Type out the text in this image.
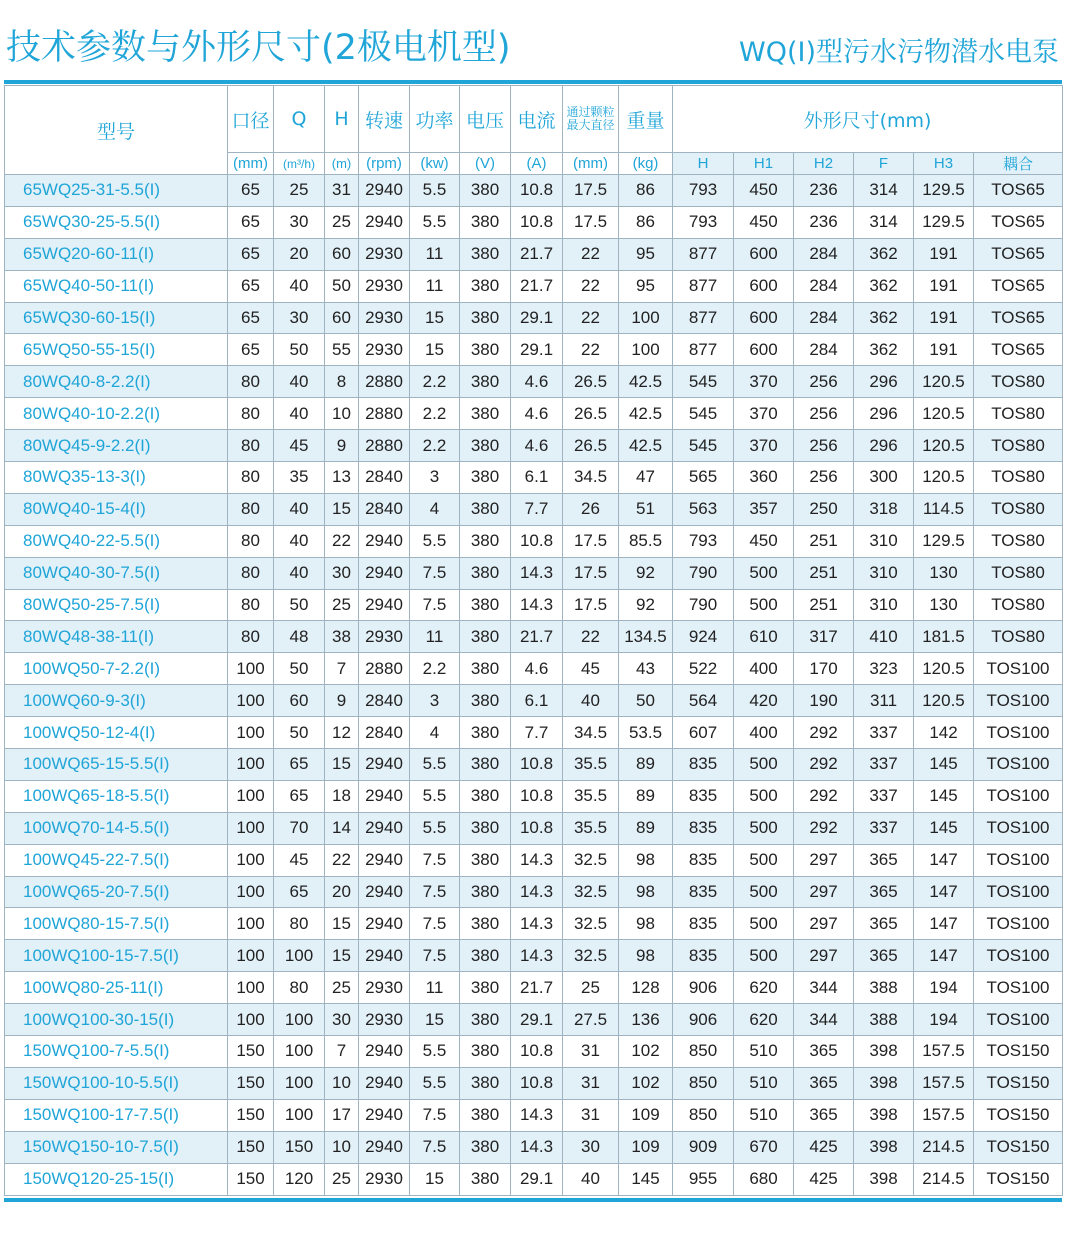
技术参数与外形尺寸(2极电机型)	WQ(Ⅰ)型污水污物潜水电泵
型号	口径	Q	H	转速	功率	电压	电流	通过颗粒最大直径	重量	外形尺寸(mm)					
	(mm)	(m³/h)	(m)	(rpm)	(kw)	(V)	(A)	(mm)	(kg)	H	H1	H2	F	H3	耦合
65WQ25-31-5.5(I)	65	25	31	2940	5.5	380	10.8	17.5	86	793	450	236	314	129.5	TOS65
65WQ30-25-5.5(I)	65	30	25	2940	5.5	380	10.8	17.5	86	793	450	236	314	129.5	TOS65
65WQ20-60-11(I)	65	20	60	2930	11	380	21.7	22	95	877	600	284	362	191	TOS65
65WQ40-50-11(I)	65	40	50	2930	11	380	21.7	22	95	877	600	284	362	191	TOS65
65WQ30-60-15(I)	65	30	60	2930	15	380	29.1	22	100	877	600	284	362	191	TOS65
65WQ50-55-15(I)	65	50	55	2930	15	380	29.1	22	100	877	600	284	362	191	TOS65
80WQ40-8-2.2(I)	80	40	8	2880	2.2	380	4.6	26.5	42.5	545	370	256	296	120.5	TOS80
80WQ40-10-2.2(I)	80	40	10	2880	2.2	380	4.6	26.5	42.5	545	370	256	296	120.5	TOS80
80WQ45-9-2.2(I)	80	45	9	2880	2.2	380	4.6	26.5	42.5	545	370	256	296	120.5	TOS80
80WQ35-13-3(I)	80	35	13	2840	3	380	6.1	34.5	47	565	360	256	300	120.5	TOS80
80WQ40-15-4(I)	80	40	15	2840	4	380	7.7	26	51	563	357	250	318	114.5	TOS80
80WQ40-22-5.5(I)	80	40	22	2940	5.5	380	10.8	17.5	85.5	793	450	251	310	129.5	TOS80
80WQ40-30-7.5(I)	80	40	30	2940	7.5	380	14.3	17.5	92	790	500	251	310	130	TOS80
80WQ50-25-7.5(I)	80	50	25	2940	7.5	380	14.3	17.5	92	790	500	251	310	130	TOS80
80WQ48-38-11(I)	80	48	38	2930	11	380	21.7	22	134.5	924	610	317	410	181.5	TOS80
100WQ50-7-2.2(I)	100	50	7	2880	2.2	380	4.6	45	43	522	400	170	323	120.5	TOS100
100WQ60-9-3(I)	100	60	9	2840	3	380	6.1	40	50	564	420	190	311	120.5	TOS100
100WQ50-12-4(I)	100	50	12	2840	4	380	7.7	34.5	53.5	607	400	292	337	142	TOS100
100WQ65-15-5.5(I)	100	65	15	2940	5.5	380	10.8	35.5	89	835	500	292	337	145	TOS100
100WQ65-18-5.5(I)	100	65	18	2940	5.5	380	10.8	35.5	89	835	500	292	337	145	TOS100
100WQ70-14-5.5(I)	100	70	14	2940	5.5	380	10.8	35.5	89	835	500	292	337	145	TOS100
100WQ45-22-7.5(I)	100	45	22	2940	7.5	380	14.3	32.5	98	835	500	297	365	147	TOS100
100WQ65-20-7.5(I)	100	65	20	2940	7.5	380	14.3	32.5	98	835	500	297	365	147	TOS100
100WQ80-15-7.5(I)	100	80	15	2940	7.5	380	14.3	32.5	98	835	500	297	365	147	TOS100
100WQ100-15-7.5(I)	100	100	15	2940	7.5	380	14.3	32.5	98	835	500	297	365	147	TOS100
100WQ80-25-11(I)	100	80	25	2930	11	380	21.7	25	128	906	620	344	388	194	TOS100
100WQ100-30-15(I)	100	100	30	2930	15	380	29.1	27.5	136	906	620	344	388	194	TOS100
150WQ100-7-5.5(I)	150	100	7	2940	5.5	380	10.8	31	102	850	510	365	398	157.5	TOS150
150WQ100-10-5.5(I)	150	100	10	2940	5.5	380	10.8	31	102	850	510	365	398	157.5	TOS150
150WQ100-17-7.5(I)	150	100	17	2940	7.5	380	14.3	31	109	850	510	365	398	157.5	TOS150
150WQ150-10-7.5(I)	150	150	10	2940	7.5	380	14.3	30	109	909	670	425	398	214.5	TOS150
150WQ120-25-15(I)	150	120	25	2930	15	380	29.1	40	145	955	680	425	398	214.5	TOS150
